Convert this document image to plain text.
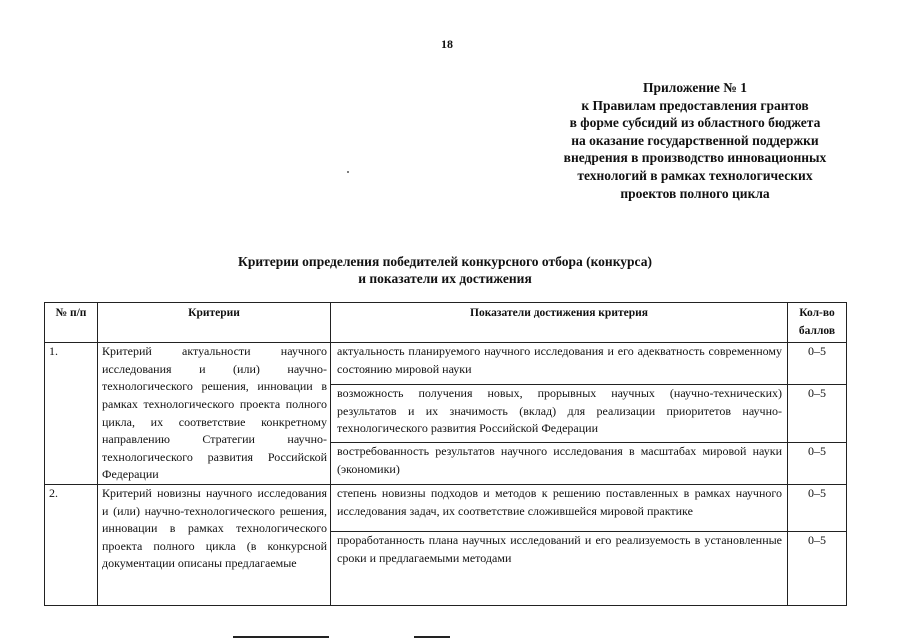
18
Приложение № 1
к Правилам предоставления грантов
в форме субсидий из областного бюджета
на оказание государственной поддержки
внедрения в производство инновационных
технологий в рамках технологических
проектов полного цикла
Критерии определения победителей конкурсного отбора (конкурса)
и показатели их достижения
№ п/п	Критерии	Показатели достижения критерия	Кол-во баллов
1.	Критерий актуальности научного исследования и (или) научно-технологического решения, инновации в рамках технологического проекта полного цикла, их соответствие конкретному направлению Стратегии научно-технологического развития Российской Федерации	актуальность планируемого научного исследования и его адекватность современному состоянию мировой науки	0–5
		возможность получения новых, прорывных научных (научно-технических) результатов и их значимость (вклад) для реализации приоритетов научно-технологического развития Российской Федерации	0–5
		востребованность результатов научного исследования в масштабах мировой науки (экономики)	0–5
2.	Критерий новизны научного исследования и (или) научно-технологического решения, инновации в рамках технологического проекта полного цикла (в конкурсной документации описаны предлагаемые	степень новизны подходов и методов к решению поставленных в рамках научного исследования задач, их соответствие сложившейся мировой практике	0–5
		проработанность плана научных исследований и его реализуемость в установленные сроки и предлагаемыми методами	0–5
